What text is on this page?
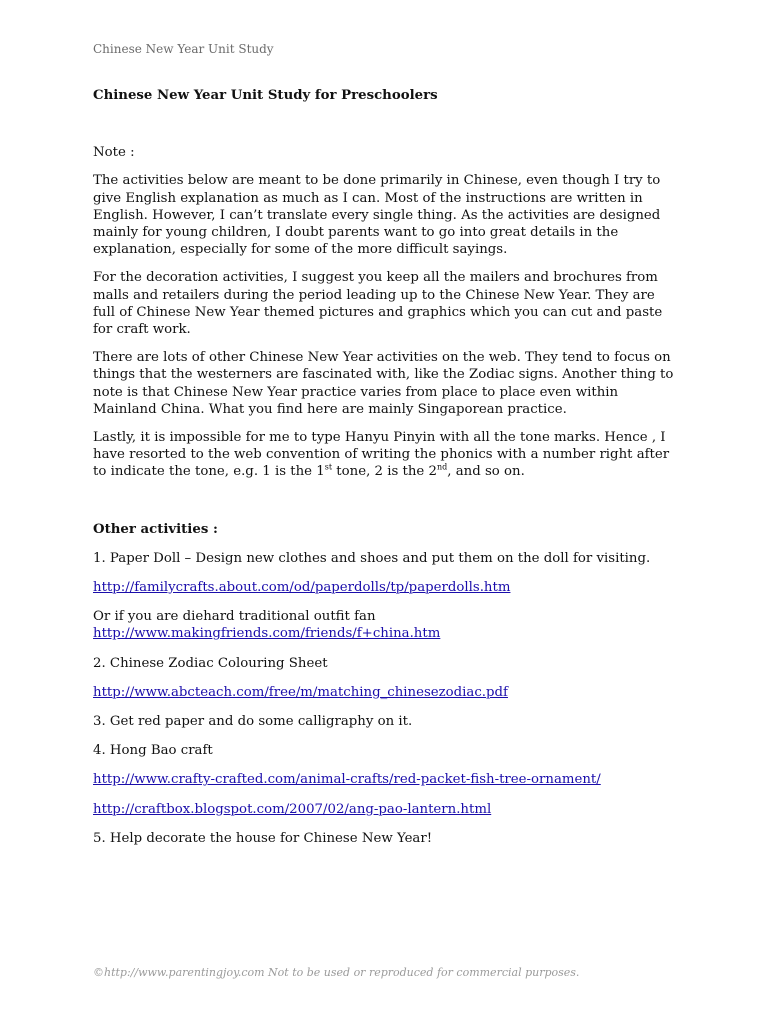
Chinese New Year Unit Study

Chinese New Year Unit Study for Preschoolers

Note :

The activities below are meant to be done primarily in Chinese, even though I try to give English explanation as much as I can. Most of the instructions are written in English. However, I can’t translate every single thing. As the activities are designed mainly for young children, I doubt parents want to go into great details in the explanation, especially for some of the more difficult sayings.

For the decoration activities, I suggest you keep all the mailers and brochures from malls and retailers during the period leading up to the Chinese New Year. They are full of Chinese New Year themed pictures and graphics which you can cut and paste for craft work.

There are lots of other Chinese New Year activities on the web. They tend to focus on things that the westerners are fascinated with, like the Zodiac signs. Another thing to note is that Chinese New Year practice varies from place to place even within Mainland China. What you find here are mainly Singaporean practice.

Lastly, it is impossible for me to type Hanyu Pinyin with all the tone marks. Hence , I have resorted to the web convention of writing the phonics with a number right after to indicate the tone, e.g. 1 is the 1st tone, 2 is the 2nd, and so on.

Other activities :

1. Paper Doll – Design new clothes and shoes and put them on the doll for visiting.

http://familycrafts.about.com/od/paperdolls/tp/paperdolls.htm

Or if you are diehard traditional outfit fan

http://www.makingfriends.com/friends/f+china.htm

2. Chinese Zodiac Colouring Sheet

http://www.abcteach.com/free/m/matching_chinesezodiac.pdf

3. Get red paper and do some calligraphy on it.

4. Hong Bao craft

http://www.crafty-crafted.com/animal-crafts/red-packet-fish-tree-ornament/

http://craftbox.blogspot.com/2007/02/ang-pao-lantern.html

5. Help decorate the house for Chinese New Year!

©http://www.parentingjoy.com Not to be used or reproduced for commercial purposes.
